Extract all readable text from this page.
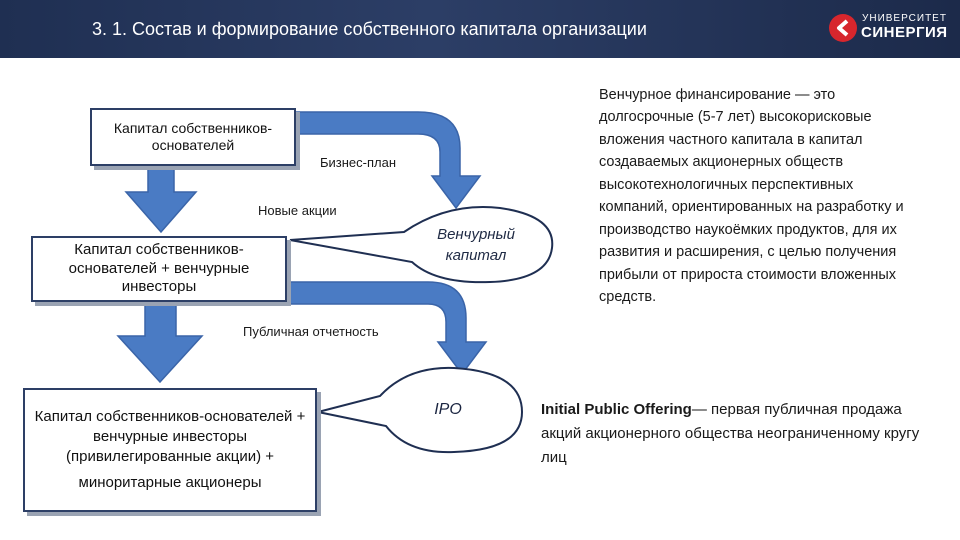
3. 1. Состав и формирование собственного капитала организации
УНИВЕРСИТЕТ
СИНЕРГИЯ
Капитал собственников-основателей
Капитал собственников-основателей + венчурные инвесторы
Капитал собственников-основателей + венчурные инвесторы (привилегированные акции) +
миноритарные акционеры
Бизнес-план
Новые акции
Публичная отчетность
Венчурный капитал
IPO
Венчурное финансирование — это долгосрочные (5-7 лет) высокорисковые вложения частного капитала в капитал создаваемых акционерных обществ высокотехнологичных перспективных компаний, ориентированных на разработку и производство наукоёмких продуктов, для их развития и расширения, с целью получения прибыли от прироста стоимости вложенных средств.
Initial Public Offering— первая публичная продажа акций акционерного общества неограниченному кругу лиц
